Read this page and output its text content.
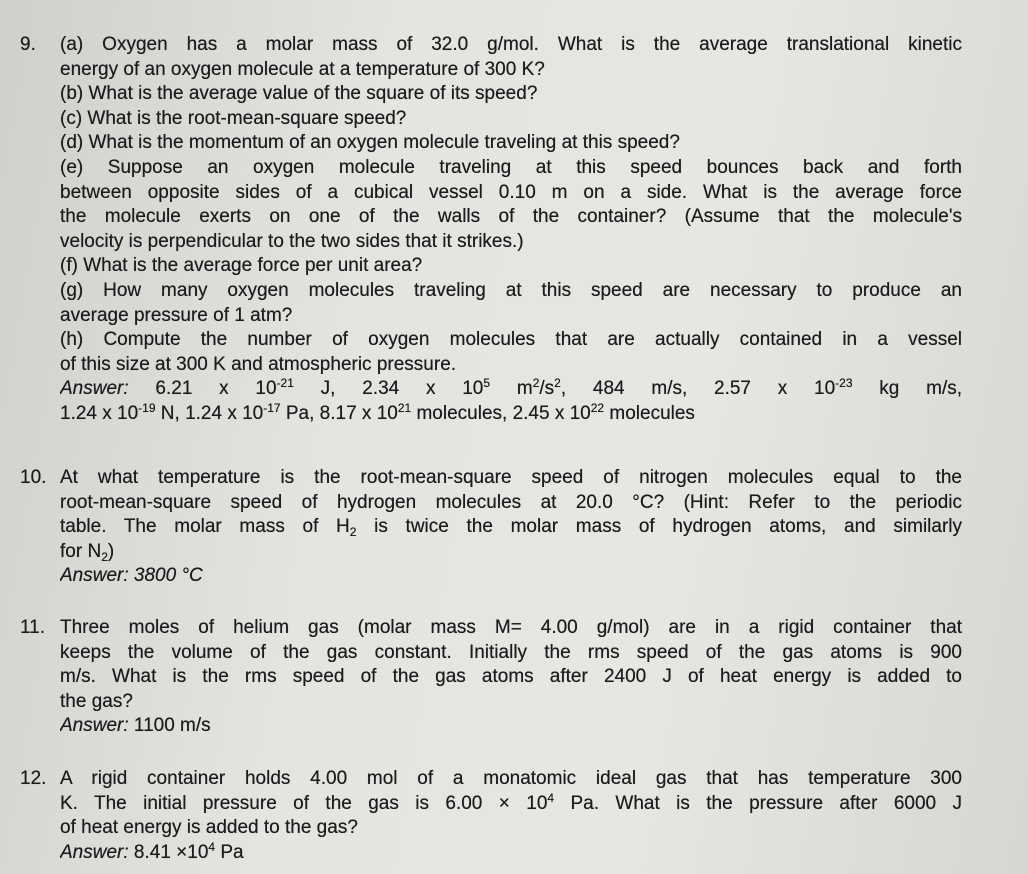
9. (a) Oxygen has a molar mass of 32.0 g/mol. What is the average translational kinetic
energy of an oxygen molecule at a temperature of 300 K?
(b) What is the average value of the square of its speed?
(c) What is the root-mean-square speed?
(d) What is the momentum of an oxygen molecule traveling at this speed?
(e) Suppose an oxygen molecule traveling at this speed bounces back and forth
between opposite sides of a cubical vessel 0.10 m on a side. What is the average force
the molecule exerts on one of the walls of the container? (Assume that the molecule's
velocity is perpendicular to the two sides that it strikes.)
(f) What is the average force per unit area?
(g) How many oxygen molecules traveling at this speed are necessary to produce an
average pressure of 1 atm?
(h) Compute the number of oxygen molecules that are actually contained in a vessel
of this size at 300 K and atmospheric pressure.
Answer: 6.21 x $10^{-21}$ J, 2.34 x $10^5$ $m^2/s^2$, 484 m/s, 2.57 x $10^{-23}$ kg m/s,
1.24 x $10^{-19}$ N, 1.24 x $10^{-17}$ Pa, 8.17 x $10^{21}$ molecules, 2.45 x $10^{22}$ molecules
10. At what temperature is the root-mean-square speed of nitrogen molecules equal to the
root-mean-square speed of hydrogen molecules at 20.0 °C? (Hint: Refer to the periodic
table. The molar mass of $H_2$ is twice the molar mass of hydrogen atoms, and similarly
for $N_2$)
Answer: 3800 °C
11. Three moles of helium gas (molar mass M= 4.00 g/mol) are in a rigid container that
keeps the volume of the gas constant. Initially the rms speed of the gas atoms is 900
m/s. What is the rms speed of the gas atoms after 2400 J of heat energy is added to
the gas?
Answer: 1100 m/s
12. A rigid container holds 4.00 mol of a monatomic ideal gas that has temperature 300
K. The initial pressure of the gas is $6.00 \times 10^4$ Pa. What is the pressure after 6000 J
of heat energy is added to the gas?
Answer: $8.41 \times 10^4$ Pa
